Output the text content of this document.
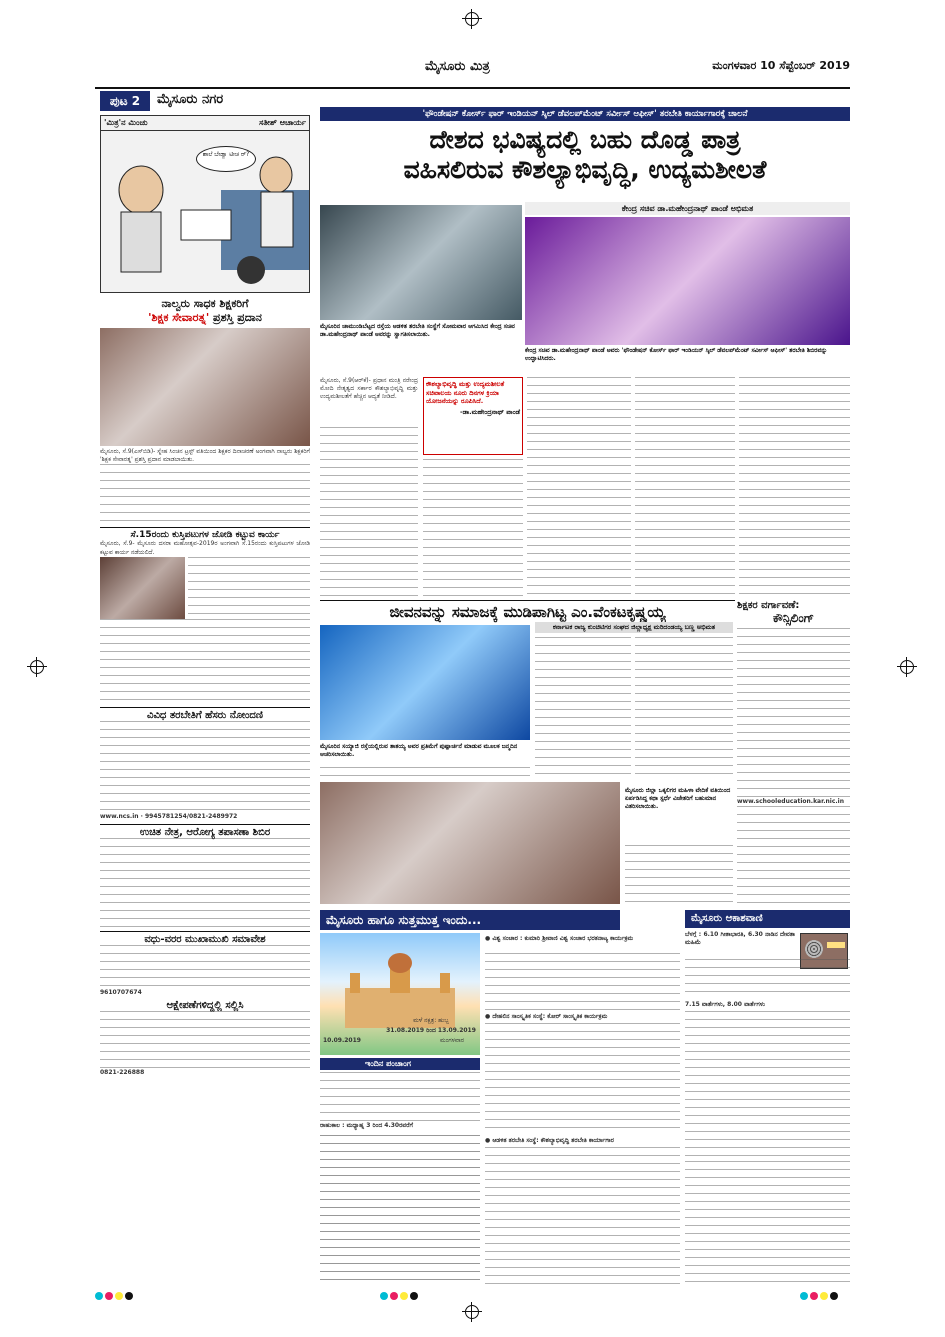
ಮೈಸೂರು ಮಿತ್ರ	ಮಂಗಳವಾರ 10 ಸೆಪ್ಟೆಂಬರ್ 2019
ಪುಟ 2	ಮೈಸೂರು ನಗರ
'ಮಿತ್ರ'ನ ಮಿಂಚು	ಸತೀಶ್ ಆಚಾರ್ಯ
ಶಾಲೆ ಬೇಡ್ವಾ ಟೀಚ ರ್‌?
ನಾಲ್ವರು ಸಾಧಕ ಶಿಕ್ಷಕರಿಗೆ
'ಶಿಕ್ಷಕ ಸೇವಾರತ್ನ' ಪ್ರಶಸ್ತಿ ಪ್ರದಾನ
ಮೈಸೂರು, ಸೆ.9(ಎಸ್‌ಬಿಡಿ)- ಸ್ನೇಹ ಸಿಂಚನ ಟ್ರಸ್ಟ್ ವತಿಯಿಂದ ಶಿಕ್ಷಕರ ದಿನಾಚರಣೆ ಅಂಗವಾಗಿ ನಾಲ್ವರು ಶಿಕ್ಷಕರಿಗೆ 'ಶಿಕ್ಷಕ ಸೇವಾರತ್ನ' ಪ್ರಶಸ್ತಿ ಪ್ರದಾನ ಮಾಡಲಾಯಿತು.
ಸೆ.15ರಂದು ಕುಸ್ತಿಪಟುಗಳ ಜೋಡಿ ಕಟ್ಟುವ ಕಾರ್ಯ
ಮೈಸೂರು, ಸೆ.9- ಮೈಸೂರು ದಸರಾ ಮಹೋತ್ಸವ-2019ರ ಅಂಗವಾಗಿ ಸೆ.15ರಂದು ಕುಸ್ತಿಪಟುಗಳ ಜೋಡಿ ಕಟ್ಟುವ ಕಾರ್ಯ ನಡೆಯಲಿದೆ.
ವಿವಿಧ ತರಬೇತಿಗೆ ಹೆಸರು ನೋಂದಣಿ
www.ncs.in · 9945781254/0821-2489972
ಉಚಿತ ನೇತ್ರ, ಆರೋಗ್ಯ ತಪಾಸಣಾ ಶಿಬಿರ
ವಧು-ವರರ ಮುಖಾಮುಖಿ ಸಮಾವೇಶ
9610707674
ಆಕ್ಷೇಪಣೆಗಳಿದ್ದಲ್ಲಿ ಸಲ್ಲಿಸಿ
0821-226888
'ಫೌಂಡೇಷನ್ ಕೋರ್ಸ್ ಫಾರ್ ಇಂಡಿಯನ್ ಸ್ಕಿಲ್ ಡೆವಲಪ್‌ಮೆಂಟ್ ಸರ್ವೀಸ್ ಆಫೀಸ್' ತರಬೇತಿ ಕಾರ್ಯಾಗಾರಕ್ಕೆ ಚಾಲನೆ
ದೇಶದ ಭವಿಷ್ಯದಲ್ಲಿ ಬಹು ದೊಡ್ಡ ಪಾತ್ರ
ವಹಿಸಲಿರುವ ಕೌಶಲ್ಯಾಭಿವೃದ್ಧಿ, ಉದ್ಯಮಶೀಲತೆ
ಕೇಂದ್ರ ಸಚಿವ ಡಾ.ಮಹೇಂದ್ರನಾಥ್ ಪಾಂಡೆ ಅಭಿಮತ
ಮೈಸೂರಿನ ಚಾಮುಂಡಿಬೆಟ್ಟದ ರಸ್ತೆಯ ಆಡಳಿತ ತರಬೇತಿ ಸಂಸ್ಥೆಗೆ ಸೋಮವಾರ ಆಗಮಿಸಿದ ಕೇಂದ್ರ ಸಚಿವ ಡಾ.ಮಹೇಂದ್ರನಾಥ್ ಪಾಂಡೆ ಅವರನ್ನು ಸ್ವಾಗತಿಸಲಾಯಿತು.
ಕೇಂದ್ರ ಸಚಿವ ಡಾ.ಮಹೇಂದ್ರನಾಥ್ ಪಾಂಡೆ ಅವರು 'ಫೌಂಡೇಷನ್ ಕೋರ್ಸ್ ಫಾರ್ ಇಂಡಿಯನ್ ಸ್ಕಿಲ್ ಡೆವಲಪ್‌ಮೆಂಟ್ ಸರ್ವೀಸ್ ಆಫೀಸ್' ತರಬೇತಿ ಶಿಬಿರವನ್ನು ಉದ್ಘಾಟಿಸಿದರು.
ಮೈಸೂರು, ಸೆ.9(ಆರ್‌ಕೆ)- ಪ್ರಧಾನ ಮಂತ್ರಿ ನರೇಂದ್ರ ಮೋದಿ ನೇತೃತ್ವದ ಸರ್ಕಾರ ಕೌಶಲ್ಯಾಭಿವೃದ್ಧಿ ಮತ್ತು ಉದ್ಯಮಶೀಲತೆಗೆ ಹೆಚ್ಚಿನ ಆದ್ಯತೆ ನೀಡಿದೆ.
ಕೌಶಲ್ಯಾಭಿವೃದ್ಧಿ ಮತ್ತು ಉದ್ಯಮಶೀಲತೆ ಸಚಿವಾಲಯ ನೂರು ದಿನಗಳ ಕ್ರಿಯಾ ಯೋಜನೆಯನ್ನು ರೂಪಿಸಿದೆ.
-ಡಾ.ಮಹೇಂದ್ರನಾಥ್ ಪಾಂಡೆ
ಜೀವನವನ್ನು ಸಮಾಜಕ್ಕೆ ಮುಡಿಪಾಗಿಟ್ಟ ಎಂ.ವೆಂಕಟಕೃಷ್ಣಯ್ಯ
ಕರ್ನಾಟಕ ರಾಜ್ಯ ಕುಂಚಿಟಿಗರ ಸಂಘದ ಜಿಲ್ಲಾಧ್ಯಕ್ಷ ಮರಿದಂಡಯ್ಯ ಬಣ್ಣ ಅಭಿಮತ
ಮೈಸೂರಿನ ಸಯ್ಯಾಜಿ ರಸ್ತೆಯಲ್ಲಿರುವ ತಾತಯ್ಯ ಅವರ ಪ್ರತಿಮೆಗೆ ಪುಷ್ಪಾರ್ಚನೆ ಮಾಡುವ ಮೂಲಕ ಜನ್ಮದಿನ ಆಚರಿಸಲಾಯಿತು.
ಮೈಸೂರು ಜಿಲ್ಲಾ ಒಕ್ಕಲಿಗರ ಮಹಿಳಾ ವೇದಿಕೆ ವತಿಯಿಂದ ಏರ್ಪಡಿಸಿದ್ದ ಕಥಾ ಸ್ಪರ್ಧೆ ವಿಜೇತರಿಗೆ ಬಹುಮಾನ ವಿತರಿಸಲಾಯಿತು.
ಶಿಕ್ಷಕರ ವರ್ಗಾವಣೆ:
ಕೌನ್ಸಿಲಿಂಗ್
www.schooleducation.kar.nic.in
ಮೈಸೂರು ಹಾಗೂ ಸುತ್ತಮುತ್ತ ಇಂದು...
10.09.2019
ಮಳೆ ನಕ್ಷತ್ರ: ಹುಬ್ಬ
31.08.2019 ರಿಂದ 13.09.2019
ಮಂಗಳವಾರ
ಇಂದಿನ ಪಂಚಾಂಗ
ರಾಹುಕಾಲ : ಮಧ್ಯಾಹ್ನ 3 ರಿಂದ 4.30ರವರೆಗೆ
● ವಿಶ್ವ ಸಂಚಾರ : ಕುಮಾರಿ ಶ್ರೀವಾಣಿ ವಿಶ್ವ ಸಂಚಾರ ಭರತನಾಟ್ಯ ಕಾರ್ಯಕ್ರಮ
● ದೇಹಲಿನ ಸಾಂಸ್ಕೃತಿಕ ಸಂಸ್ಥೆ: ಕೋರ್ ಸಾಂಸ್ಕೃತಿಕ ಕಾರ್ಯಕ್ರಮ
● ಆಡಳಿತ ತರಬೇತಿ ಸಂಸ್ಥೆ: ಕೌಶಲ್ಯಾಭಿವೃದ್ಧಿ ತರಬೇತಿ ಕಾರ್ಯಾಗಾರ
ಮೈಸೂರು ಆಕಾಶವಾಣಿ
ಬೆಳಗ್ಗೆ : 6.10 ಗೀತಾಭಾರತಿ, 6.30 ನಾಡಿನ ದೇವತಾ ಮಹಿಮೆ
7.15 ವಾರ್ತೆಗಳು, 8.00 ವಾರ್ತೆಗಳು
